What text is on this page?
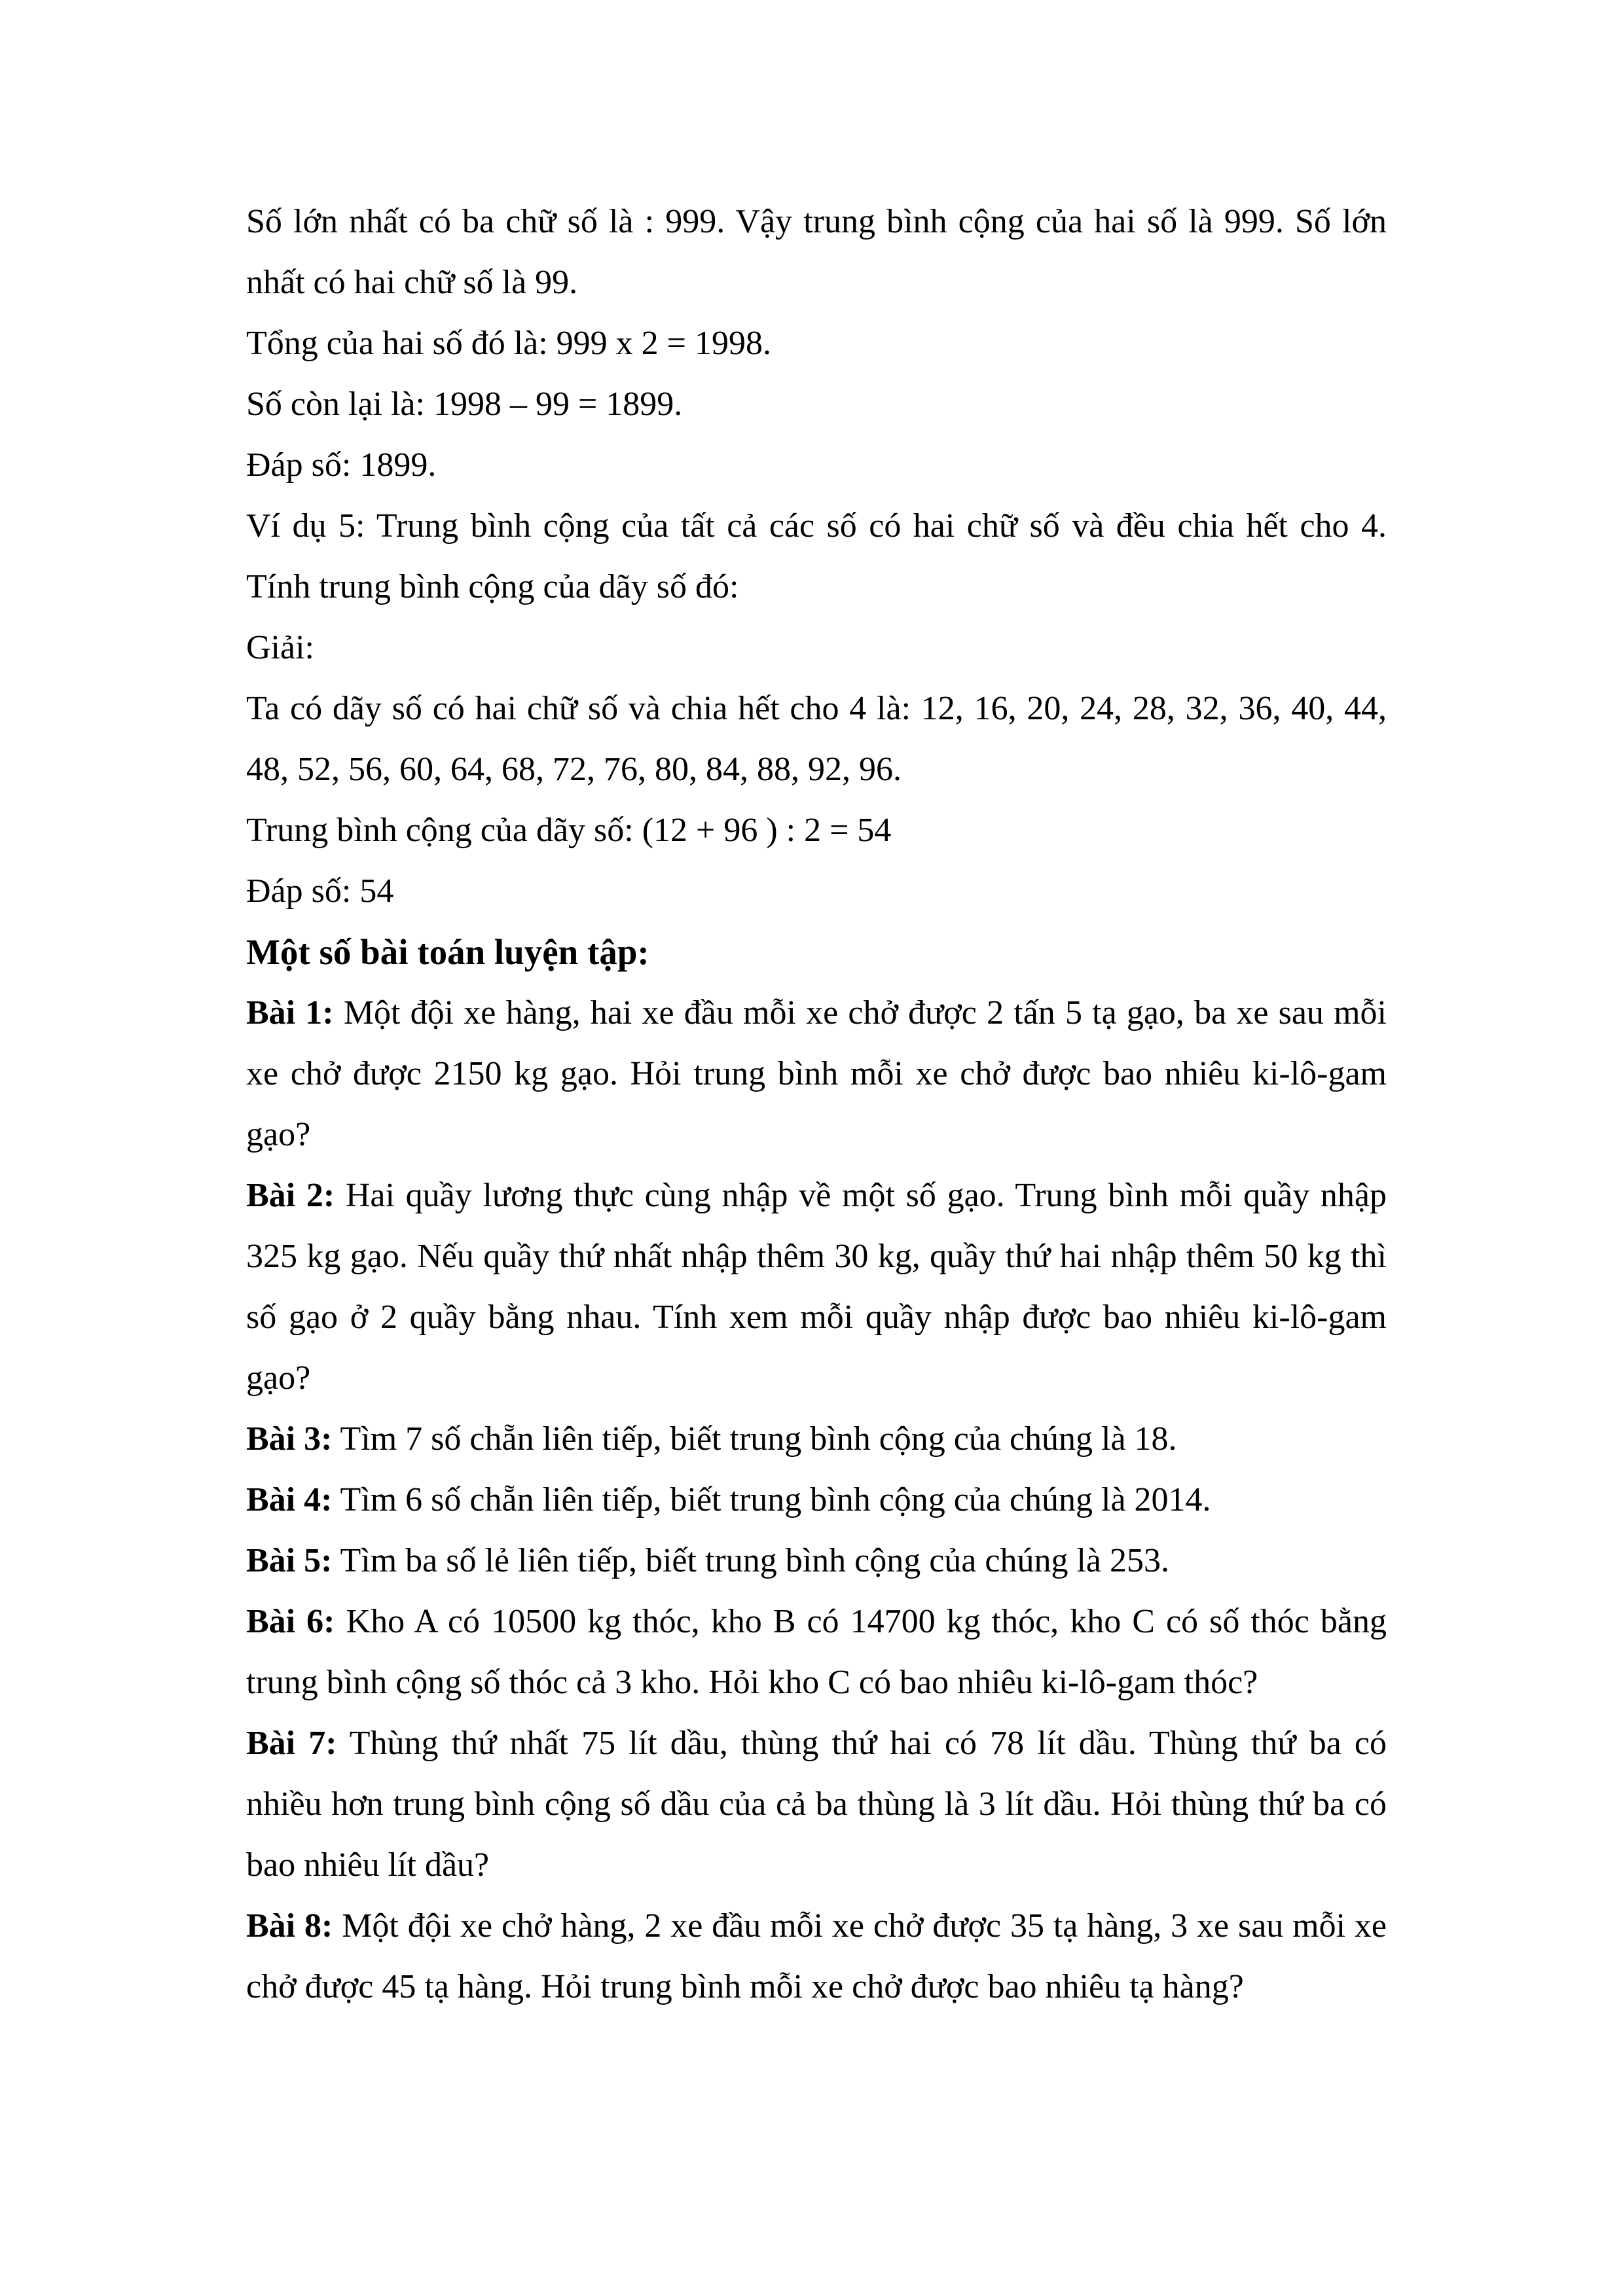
Số lớn nhất có ba chữ số là : 999. Vậy trung bình cộng của hai số là 999. Số lớn nhất có hai chữ số là 99.

Tổng của hai số đó là: 999 x 2 = 1998.

Số còn lại là: 1998 – 99 = 1899.

Đáp số: 1899.

Ví dụ 5: Trung bình cộng của tất cả các số có hai chữ số và đều chia hết cho 4. Tính trung bình cộng của dãy số đó:

Giải:

Ta có dãy số có hai chữ số và chia hết cho 4 là: 12, 16, 20, 24, 28, 32, 36, 40, 44, 48, 52, 56, 60, 64, 68, 72, 76, 80, 84, 88, 92, 96.

Trung bình cộng của dãy số: (12 + 96 ) : 2 = 54

Đáp số: 54

Một số bài toán luyện tập:

Bài 1: Một đội xe hàng, hai xe đầu mỗi xe chở được 2 tấn 5 tạ gạo, ba xe sau mỗi xe chở được 2150 kg gạo. Hỏi trung bình mỗi xe chở được bao nhiêu ki-lô-gam gạo?

Bài 2: Hai quầy lương thực cùng nhập về một số gạo. Trung bình mỗi quầy nhập 325 kg gạo. Nếu quầy thứ nhất nhập thêm 30 kg, quầy thứ hai nhập thêm 50 kg thì số gạo ở 2 quầy bằng nhau. Tính xem mỗi quầy nhập được bao nhiêu ki-lô-gam gạo?

Bài 3: Tìm 7 số chẵn liên tiếp, biết trung bình cộng của chúng là 18.

Bài 4: Tìm 6 số chẵn liên tiếp, biết trung bình cộng của chúng là 2014.

Bài 5: Tìm ba số lẻ liên tiếp, biết trung bình cộng của chúng là 253.

Bài 6: Kho A có 10500 kg thóc, kho B có 14700 kg thóc, kho C có số thóc bằng trung bình cộng số thóc cả 3 kho. Hỏi kho C có bao nhiêu ki-lô-gam thóc?

Bài 7: Thùng thứ nhất 75 lít dầu, thùng thứ hai có 78 lít dầu. Thùng thứ ba có nhiều hơn trung bình cộng số dầu của cả ba thùng là 3 lít dầu. Hỏi thùng thứ ba có bao nhiêu lít dầu?

Bài 8: Một đội xe chở hàng, 2 xe đầu mỗi xe chở được 35 tạ hàng, 3 xe sau mỗi xe chở được 45 tạ hàng. Hỏi trung bình mỗi xe chở được bao nhiêu tạ hàng?
